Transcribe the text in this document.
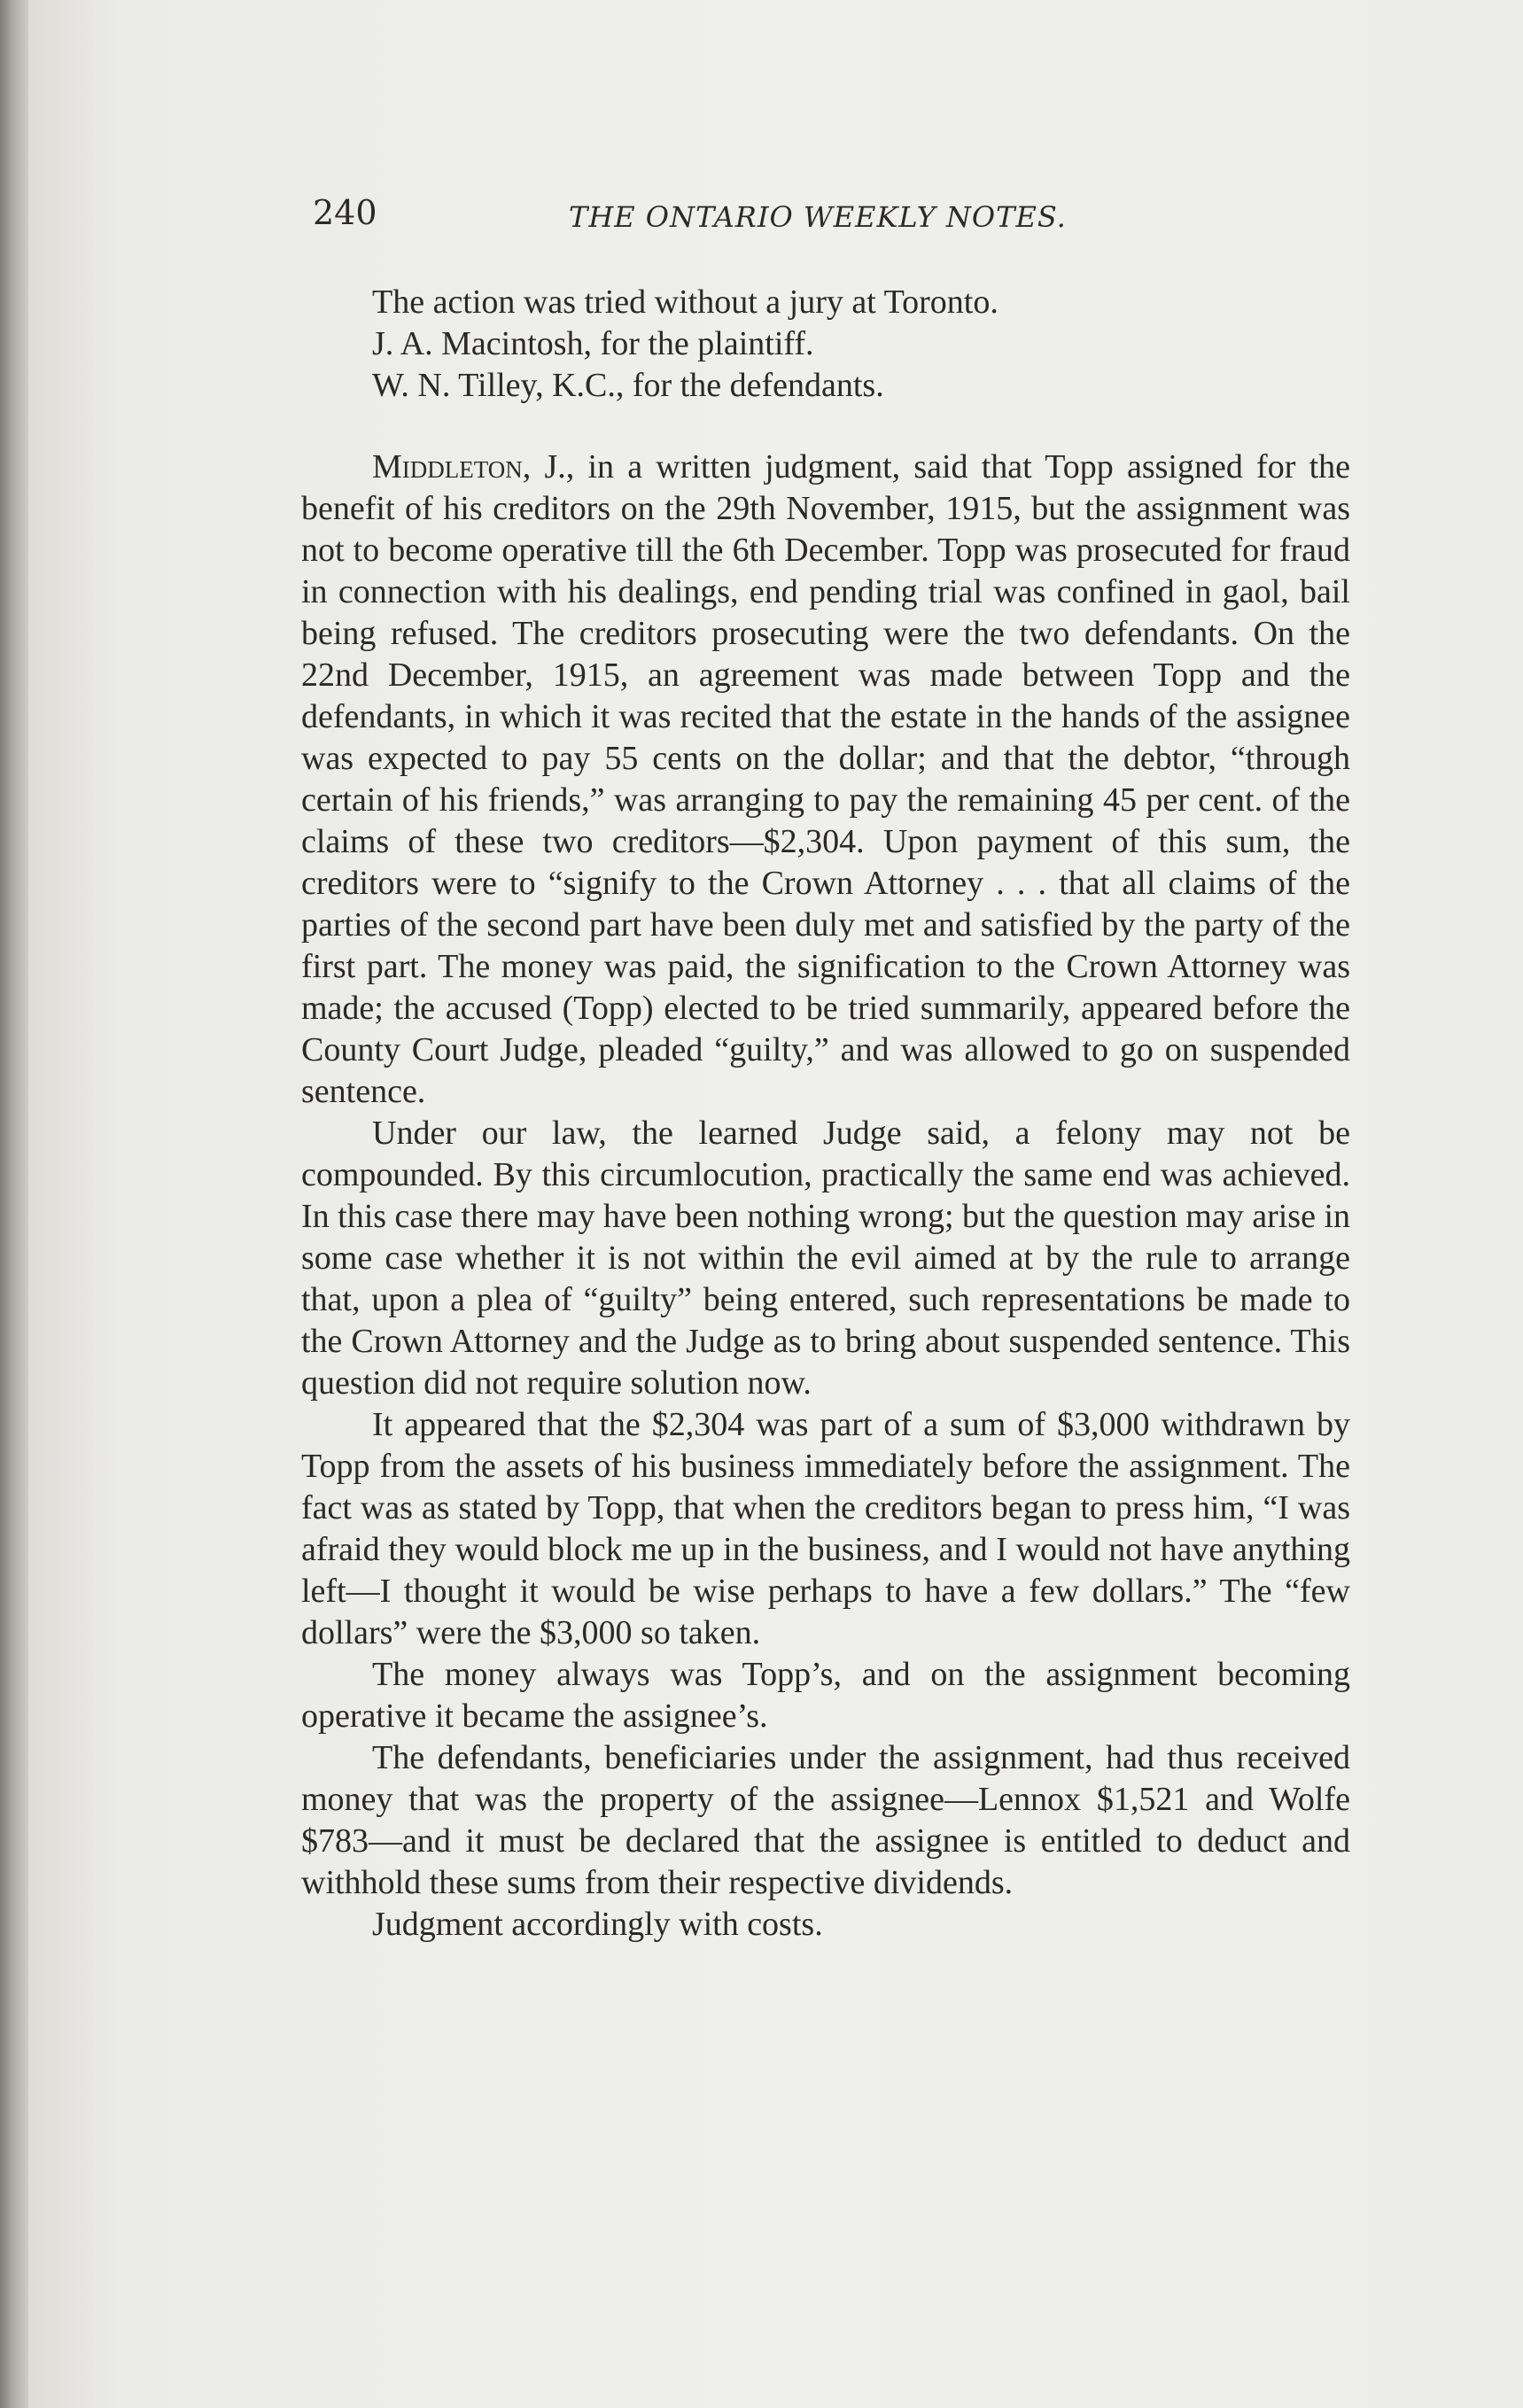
240	THE ONTARIO WEEKLY NOTES.

The action was tried without a jury at Toronto.

J. A. Macintosh, for the plaintiff.

W. N. Tilley, K.C., for the defendants.

Middleton, J., in a written judgment, said that Topp assigned for the benefit of his creditors on the 29th November, 1915, but the assignment was not to become operative till the 6th December. Topp was prosecuted for fraud in connection with his dealings, end pending trial was confined in gaol, bail being refused. The creditors prosecuting were the two defendants. On the 22nd December, 1915, an agreement was made between Topp and the defendants, in which it was recited that the estate in the hands of the assignee was expected to pay 55 cents on the dollar; and that the debtor, “through certain of his friends,” was arranging to pay the remaining 45 per cent. of the claims of these two creditors—$2,304. Upon payment of this sum, the creditors were to “signify to the Crown Attorney . . . that all claims of the parties of the second part have been duly met and satisfied by the party of the first part. The money was paid, the signification to the Crown Attorney was made; the accused (Topp) elected to be tried summarily, appeared before the County Court Judge, pleaded “guilty,” and was allowed to go on suspended sentence.

Under our law, the learned Judge said, a felony may not be compounded. By this circumlocution, practically the same end was achieved. In this case there may have been nothing wrong; but the question may arise in some case whether it is not within the evil aimed at by the rule to arrange that, upon a plea of “guilty” being entered, such representations be made to the Crown Attorney and the Judge as to bring about suspended sentence. This question did not require solution now.

It appeared that the $2,304 was part of a sum of $3,000 withdrawn by Topp from the assets of his business immediately before the assignment. The fact was as stated by Topp, that when the creditors began to press him, “I was afraid they would block me up in the business, and I would not have anything left—I thought it would be wise perhaps to have a few dollars.” The “few dollars” were the $3,000 so taken.

The money always was Topp’s, and on the assignment becoming operative it became the assignee’s.

The defendants, beneficiaries under the assignment, had thus received money that was the property of the assignee—Lennox $1,521 and Wolfe $783—and it must be declared that the assignee is entitled to deduct and withhold these sums from their respective dividends.

Judgment accordingly with costs.
